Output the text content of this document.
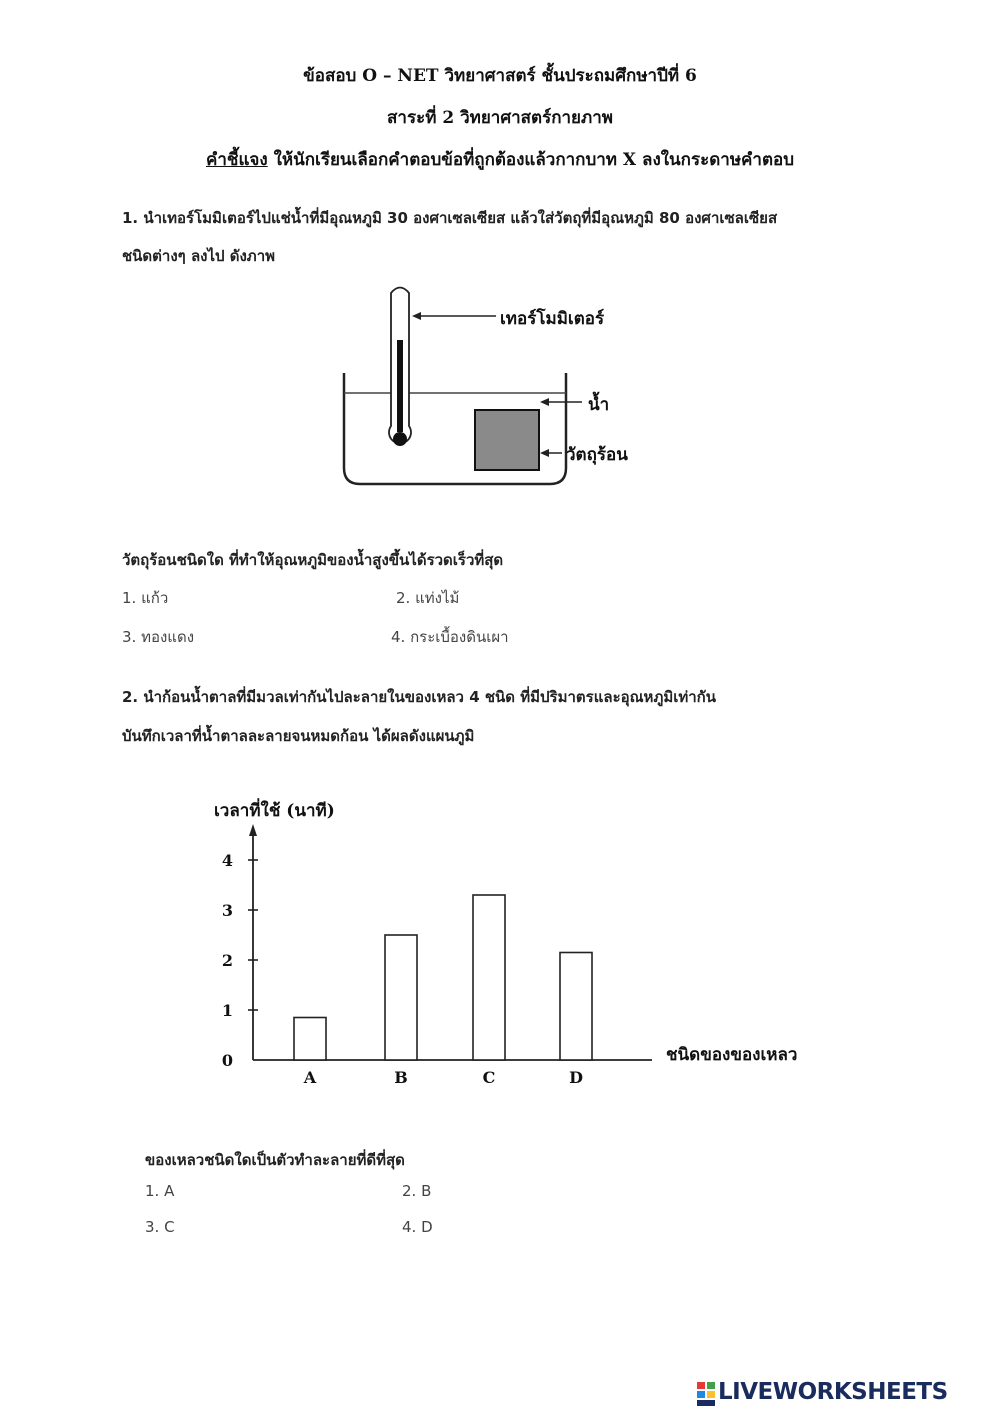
ข้อสอบ O – NET วิทยาศาสตร์ ชั้นประถมศึกษาปีที่ 6
สาระที่ 2 วิทยาศาสตร์กายภาพ
คำชี้แจง ให้นักเรียนเลือกคำตอบข้อที่ถูกต้องแล้วกากบาท X ลงในกระดาษคำตอบ
1. นำเทอร์โมมิเตอร์ไปแช่น้ำที่มีอุณหภูมิ 30 องศาเซลเซียส แล้วใส่วัตถุที่มีอุณหภูมิ 80 องศาเซลเซียส
ชนิดต่างๆ ลงไป ดังภาพ
เทอร์โมมิเตอร์
น้ำ
วัตถุร้อน
วัตถุร้อนชนิดใด ที่ทำให้อุณหภูมิของน้ำสูงขึ้นได้รวดเร็วที่สุด
1. แก้ว	2. แท่งไม้
3. ทองแดง	4. กระเบื้องดินเผา
2. นำก้อนน้ำตาลที่มีมวลเท่ากันไปละลายในของเหลว 4 ชนิด ที่มีปริมาตรและอุณหภูมิเท่ากัน
บันทึกเวลาที่น้ำตาลละลายจนหมดก้อน ได้ผลดังแผนภูมิ
เวลาที่ใช้ (นาที)
ชนิดของของเหลว
0
1
2
3
4
A	B	C	D
ของเหลวชนิดใดเป็นตัวทำละลายที่ดีที่สุด
1. A	2. B
3. C	4. D
LIVEWORKSHEETS
